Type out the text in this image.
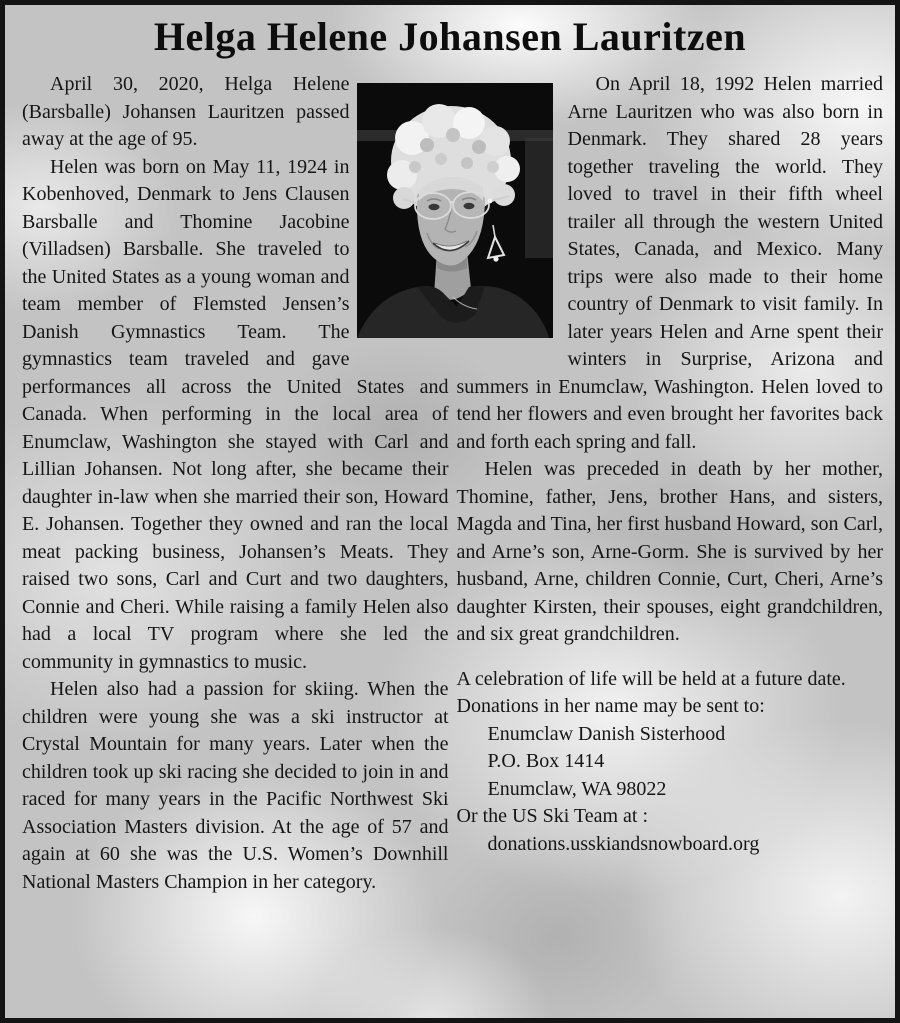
Helga Helene Johansen Lauritzen

April 30, 2020, Helga Helene (Barsballe) Johansen Lauritzen passed away at the age of 95.

Helen was born on May 11, 1924 in Kobenhoved, Denmark to Jens Clausen Barsballe and Thomine Jacobine (Villadsen) Barsballe. She traveled to the United States as a young woman and team member of Flemsted Jensen’s Danish Gymnastics Team. The gymnastics team traveled and gave performances all across the United States and Canada. When performing in the local area of Enumclaw, Washington she stayed with Carl and Lillian Johansen. Not long after, she became their daughter in-law when she married their son, Howard E. Johansen. Together they owned and ran the local meat packing business, Johansen’s Meats. They raised two sons, Carl and Curt and two daughters, Connie and Cheri. While raising a family Helen also had a local TV program where she led the community in gymnastics to music.

Helen also had a passion for skiing. When the children were young she was a ski instructor at Crystal Mountain for many years. Later when the children took up ski racing she decided to join in and raced for many years in the Pacific Northwest Ski Association Masters division. At the age of 57 and again at 60 she was the U.S. Women’s Downhill National Masters Champion in her category.

On April 18, 1992 Helen married Arne Lauritzen who was also born in Denmark. They shared 28 years together traveling the world. They loved to travel in their fifth wheel trailer all through the western United States, Canada, and Mexico. Many trips were also made to their home country of Denmark to visit family. In later years Helen and Arne spent their winters in Surprise, Arizona and summers in Enumclaw, Washington. Helen loved to tend her flowers and even brought her favorites back and forth each spring and fall.

Helen was preceded in death by her mother, Thomine, father, Jens, brother Hans, and sisters, Magda and Tina, her first husband Howard, son Carl, and Arne’s son, Arne-Gorm. She is survived by her husband, Arne, children Connie, Curt, Cheri, Arne’s daughter Kirsten, their spouses, eight grandchildren, and six great grandchildren.

A celebration of life will be held at a future date.

Donations in her name may be sent to:

Enumclaw Danish Sisterhood

P.O. Box 1414

Enumclaw, WA 98022

Or the US Ski Team at :

donations.usskiandsnowboard.org
